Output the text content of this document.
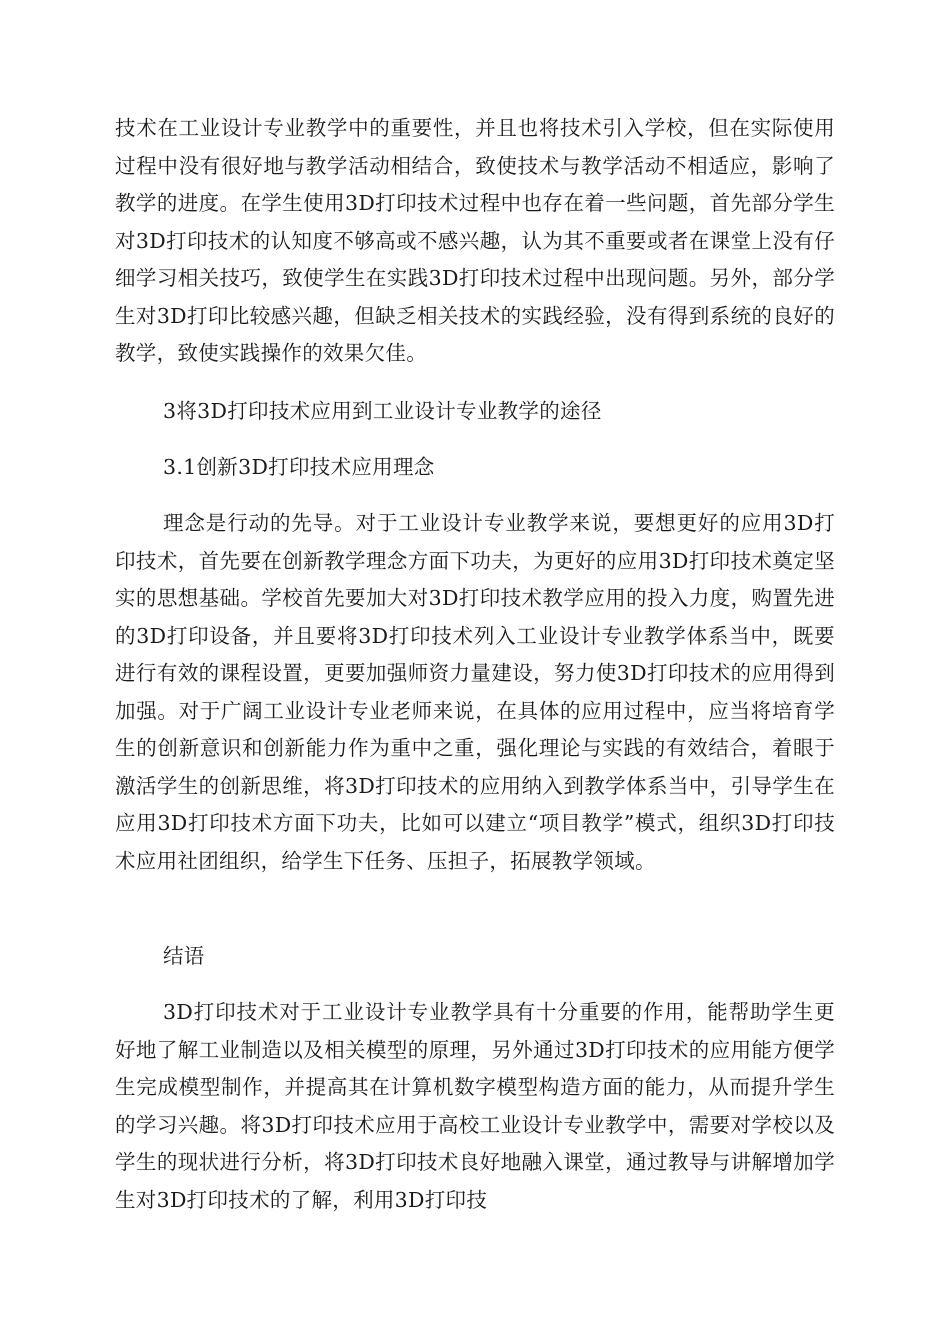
技术在工业设计专业教学中的重要性，并且也将技术引入学校，但在实际使用过程中没有很好地与教学活动相结合，致使技术与教学活动不相适应，影响了教学的进度。在学生使用3D打印技术过程中也存在着一些问题，首先部分学生对3D打印技术的认知度不够高或不感兴趣，认为其不重要或者在课堂上没有仔细学习相关技巧，致使学生在实践3D打印技术过程中出现问题。另外，部分学生对3D打印比较感兴趣，但缺乏相关技术的实践经验，没有得到系统的良好的教学，致使实践操作的效果欠佳。

3将3D打印技术应用到工业设计专业教学的途径

3.1创新3D打印技术应用理念

理念是行动的先导。对于工业设计专业教学来说，要想更好的应用3D打印技术，首先要在创新教学理念方面下功夫，为更好的应用3D打印技术奠定坚实的思想基础。学校首先要加大对3D打印技术教学应用的投入力度，购置先进的3D打印设备，并且要将3D打印技术列入工业设计专业教学体系当中，既要进行有效的课程设置，更要加强师资力量建设，努力使3D打印技术的应用得到加强。对于广阔工业设计专业老师来说，在具体的应用过程中，应当将培育学生的创新意识和创新能力作为重中之重，强化理论与实践的有效结合，着眼于激活学生的创新思维，将3D打印技术的应用纳入到教学体系当中，引导学生在应用3D打印技术方面下功夫，比如可以建立“项目教学”模式，组织3D打印技术应用社团组织，给学生下任务、压担子，拓展教学领域。

结语

3D打印技术对于工业设计专业教学具有十分重要的作用，能帮助学生更好地了解工业制造以及相关模型的原理，另外通过3D打印技术的应用能方便学生完成模型制作，并提高其在计算机数字模型构造方面的能力，从而提升学生的学习兴趣。将3D打印技术应用于高校工业设计专业教学中，需要对学校以及学生的现状进行分析，将3D打印技术良好地融入课堂，通过教导与讲解增加学生对3D打印技术的了解，利用3D打印技
